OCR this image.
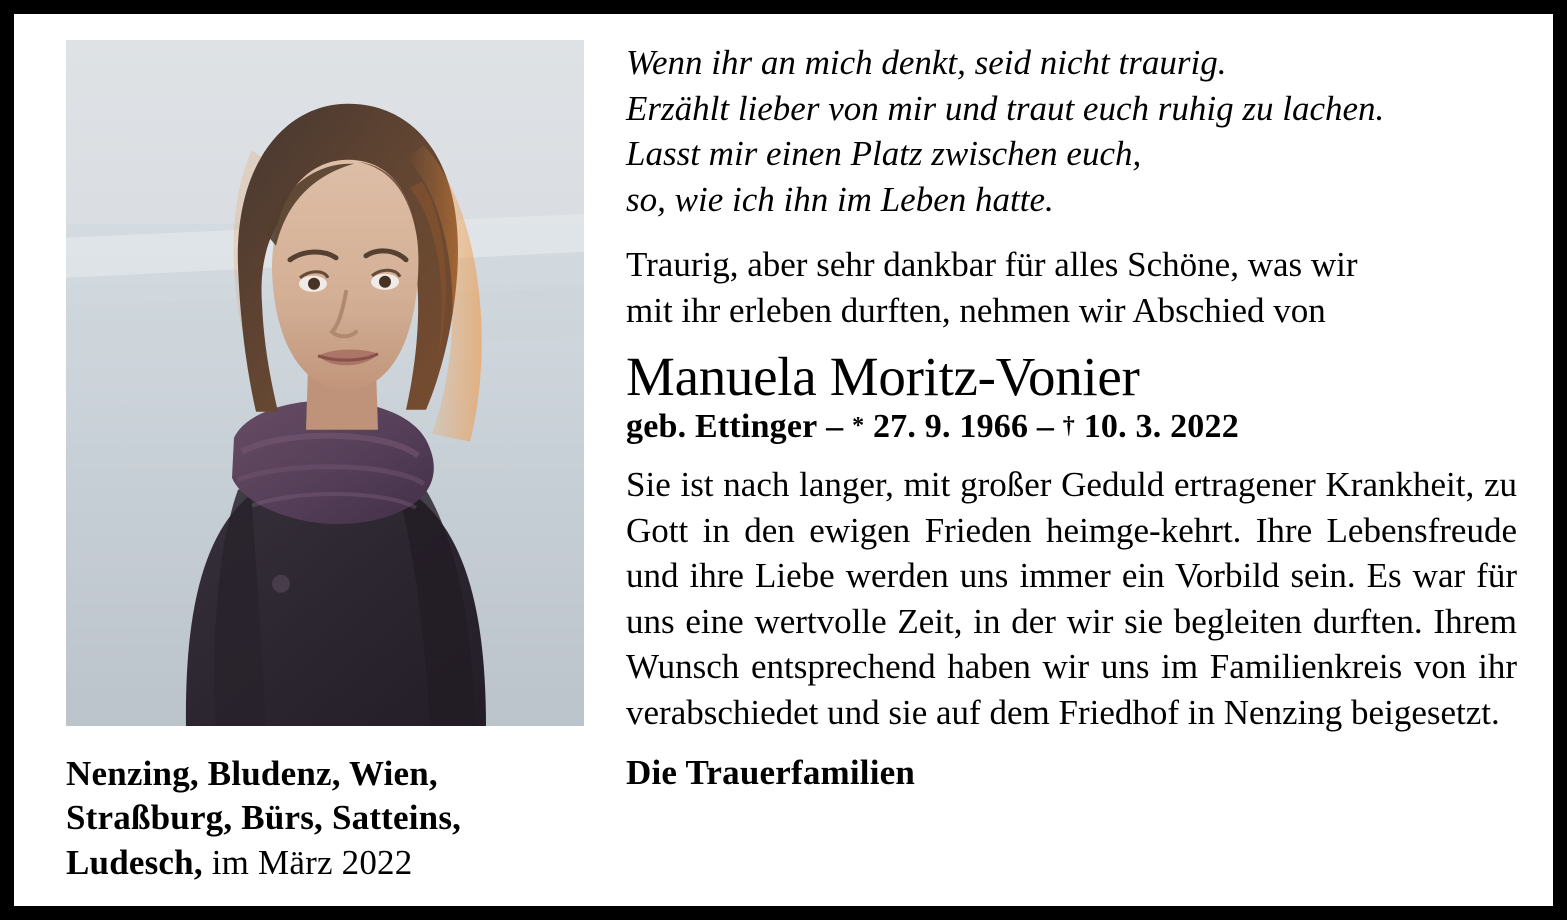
Nenzing, Bludenz, Wien, Straßburg, Bürs, Satteins, Ludesch, im März 2022
Wenn ihr an mich denkt, seid nicht traurig.
Erzählt lieber von mir und traut euch ruhig zu lachen.
Lasst mir einen Platz zwischen euch,
so, wie ich ihn im Leben hatte.
Traurig, aber sehr dankbar für alles Schöne, was wir
mit ihr erleben durften, nehmen wir Abschied von
Manuela Moritz-Vonier
geb. Ettinger – * 27. 9. 1966 – † 10. 3. 2022
Sie ist nach langer, mit großer Geduld ertragener Krankheit, zu Gott in den ewigen Frieden heimge-kehrt. Ihre Lebensfreude und ihre Liebe werden uns immer ein Vorbild sein. Es war für uns eine wertvolle Zeit, in der wir sie begleiten durften. Ihrem Wunsch entsprechend haben wir uns im Familienkreis von ihr verabschiedet und sie auf dem Friedhof in Nenzing beigesetzt.
Die Trauerfamilien
